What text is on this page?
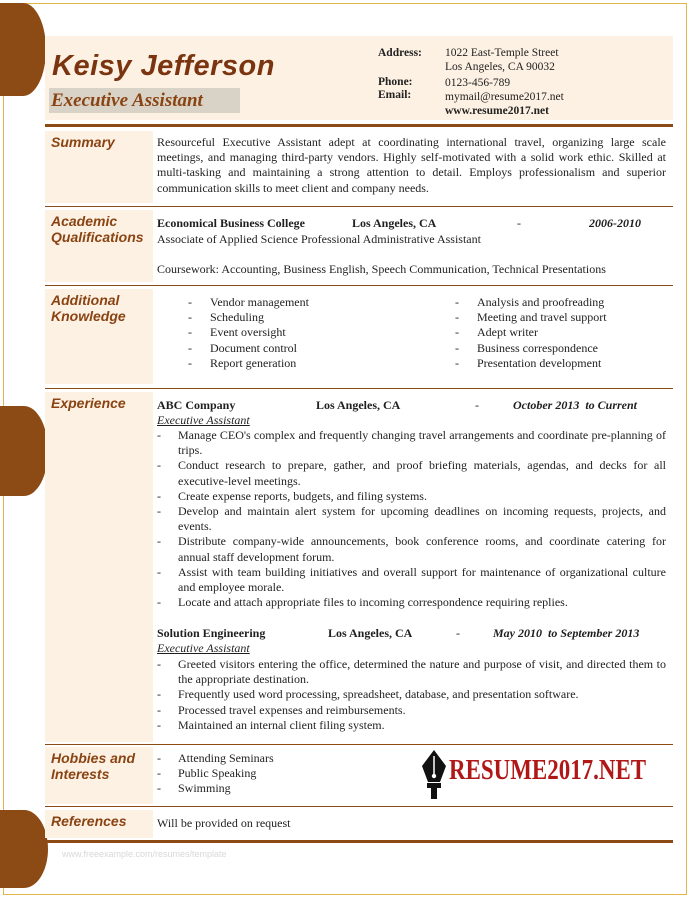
Keisy Jefferson
Executive Assistant
Address: 1022 East-Temple Street
Los Angeles, CA 90032
Phone:	0123-456-789
Email:	mymail@resume2017.net
www.resume2017.net
Summary	Resourceful Executive Assistant adept at coordinating international travel, organizing large scale meetings, and managing third-party vendors. Highly self-motivated with a solid work ethic. Skilled at multi-tasking and maintaining a strong attention to detail. Employs professionalism and superior communication skills to meet client and company needs.
Academic
Qualifications
Economical Business College	Los Angeles, CA	-	2006-2010
Associate of Applied Science Professional Administrative Assistant
Coursework: Accounting, Business English, Speech Communication, Technical Presentations
Additional
Knowledge
- Vendor management
- Scheduling
- Event oversight
- Document control
- Report generation
- Analysis and proofreading
- Meeting and travel support
- Adept writer
- Business correspondence
- Presentation development
Experience	ABC Company	Los Angeles, CA	-	October 2013  to Current
Executive Assistant
- Manage CEO's complex and frequently changing travel arrangements and coordinate pre-planning of trips.
- Conduct research to prepare, gather, and proof briefing materials, agendas, and decks for all executive-level meetings.
- Create expense reports, budgets, and filing systems.
- Develop and maintain alert system for upcoming deadlines on incoming requests, projects, and events.
- Distribute company-wide announcements, book conference rooms, and coordinate catering for annual staff development forum.
- Assist with team building initiatives and overall support for maintenance of organizational culture and employee morale.
- Locate and attach appropriate files to incoming correspondence requiring replies.
Solution Engineering	Los Angeles, CA	-	May 2010  to September 2013
Executive Assistant
- Greeted visitors entering the office, determined the nature and purpose of visit, and directed them to the appropriate destination.
- Frequently used word processing, spreadsheet, database, and presentation software.
- Processed travel expenses and reimbursements.
- Maintained an internal client filing system.
Hobbies and
Interests
- Attending Seminars
- Public Speaking
- Swimming
RESUME2017.NET
References	Will be provided on request
www.freeexample.com/resumes/template
